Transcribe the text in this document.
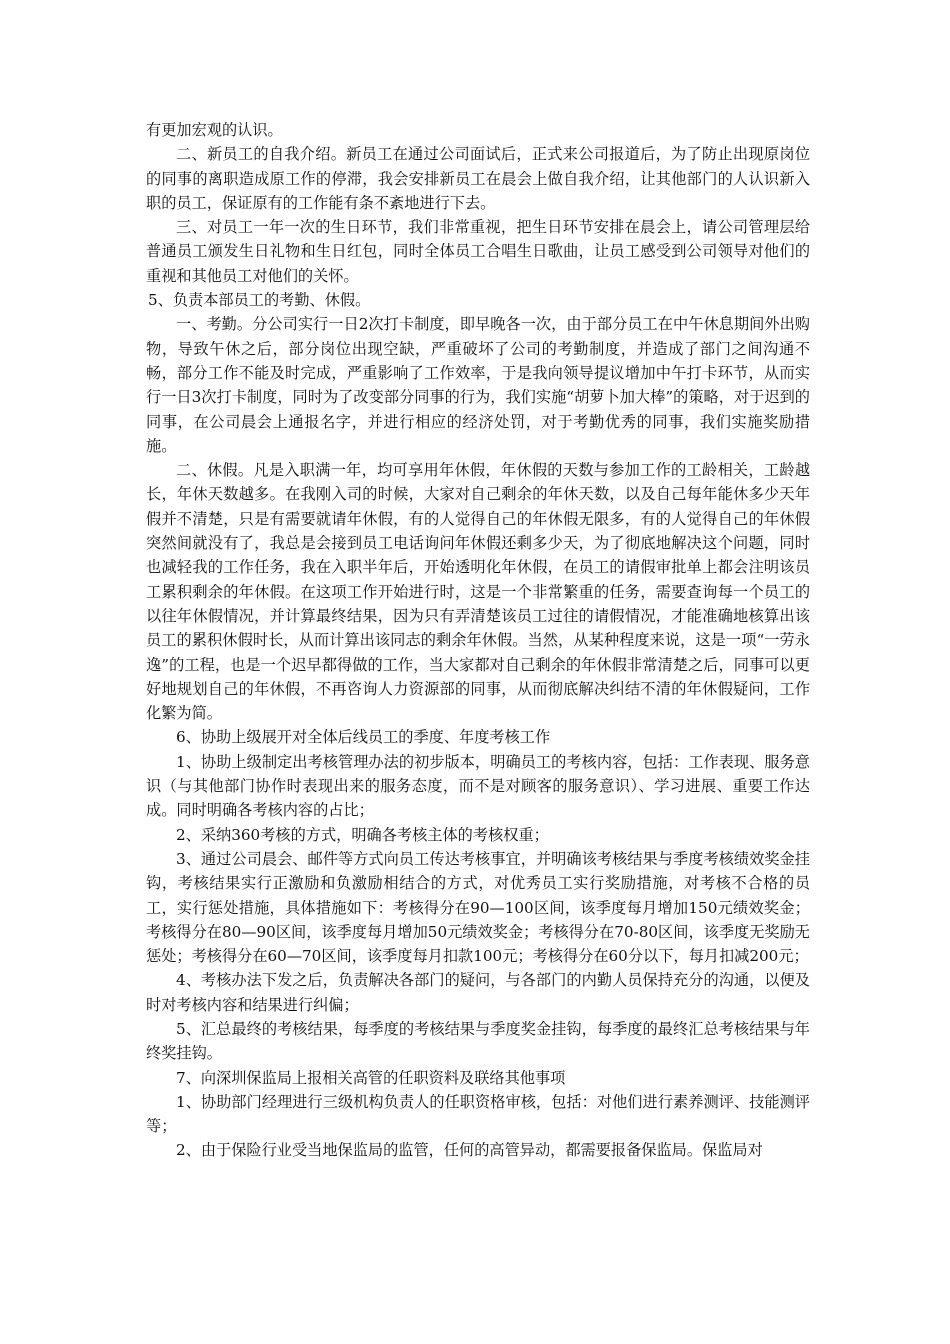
有更加宏观的认识。

二、新员工的自我介绍。新员工在通过公司面试后，正式来公司报道后，为了防止出现原岗位的同事的离职造成原工作的停滞，我会安排新员工在晨会上做自我介绍，让其他部门的人认识新入职的员工，保证原有的工作能有条不紊地进行下去。

三、对员工一年一次的生日环节，我们非常重视，把生日环节安排在晨会上，请公司管理层给普通员工颁发生日礼物和生日红包，同时全体员工合唱生日歌曲，让员工感受到公司领导对他们的重视和其他员工对他们的关怀。

5、负责本部员工的考勤、休假。

一、考勤。分公司实行一日2次打卡制度，即早晚各一次，由于部分员工在中午休息期间外出购物，导致午休之后，部分岗位出现空缺，严重破坏了公司的考勤制度，并造成了部门之间沟通不畅，部分工作不能及时完成，严重影响了工作效率，于是我向领导提议增加中午打卡环节，从而实行一日3次打卡制度，同时为了改变部分同事的行为，我们实施“胡萝卜加大棒”的策略，对于迟到的同事，在公司晨会上通报名字，并进行相应的经济处罚，对于考勤优秀的同事，我们实施奖励措施。

二、休假。凡是入职满一年，均可享用年休假，年休假的天数与参加工作的工龄相关，工龄越长，年休天数越多。在我刚入司的时候，大家对自己剩余的年休天数，以及自己每年能休多少天年假并不清楚，只是有需要就请年休假，有的人觉得自己的年休假无限多，有的人觉得自己的年休假突然间就没有了，我总是会接到员工电话询问年休假还剩多少天，为了彻底地解决这个问题，同时也减轻我的工作任务，我在入职半年后，开始透明化年休假，在员工的请假审批单上都会注明该员工累积剩余的年休假。在这项工作开始进行时，这是一个非常繁重的任务，需要查询每一个员工的以往年休假情况，并计算最终结果，因为只有弄清楚该员工过往的请假情况，才能准确地核算出该员工的累积休假时长，从而计算出该同志的剩余年休假。当然，从某种程度来说，这是一项“一劳永逸”的工程，也是一个迟早都得做的工作，当大家都对自己剩余的年休假非常清楚之后，同事可以更好地规划自己的年休假，不再咨询人力资源部的同事，从而彻底解决纠结不清的年休假疑问，工作化繁为简。

6、协助上级展开对全体后线员工的季度、年度考核工作

1、协助上级制定出考核管理办法的初步版本，明确员工的考核内容，包括：工作表现、服务意识（与其他部门协作时表现出来的服务态度，而不是对顾客的服务意识）、学习进展、重要工作达成。同时明确各考核内容的占比；

2、采纳360考核的方式，明确各考核主体的考核权重；

3、通过公司晨会、邮件等方式向员工传达考核事宜，并明确该考核结果与季度考核绩效奖金挂钩，考核结果实行正激励和负激励相结合的方式，对优秀员工实行奖励措施，对考核不合格的员工，实行惩处措施，具体措施如下：考核得分在90—100区间，该季度每月增加150元绩效奖金；考核得分在80—90区间，该季度每月增加50元绩效奖金；考核得分在70-80区间，该季度无奖励无惩处；考核得分在60—70区间，该季度每月扣款100元；考核得分在60分以下，每月扣减200元；

4、考核办法下发之后，负责解决各部门的疑问，与各部门的内勤人员保持充分的沟通，以便及时对考核内容和结果进行纠偏；

5、汇总最终的考核结果，每季度的考核结果与季度奖金挂钩，每季度的最终汇总考核结果与年终奖挂钩。

7、向深圳保监局上报相关高管的任职资料及联络其他事项

1、协助部门经理进行三级机构负责人的任职资格审核，包括：对他们进行素养测评、技能测评等；

2、由于保险行业受当地保监局的监管，任何的高管异动，都需要报备保监局。保监局对
